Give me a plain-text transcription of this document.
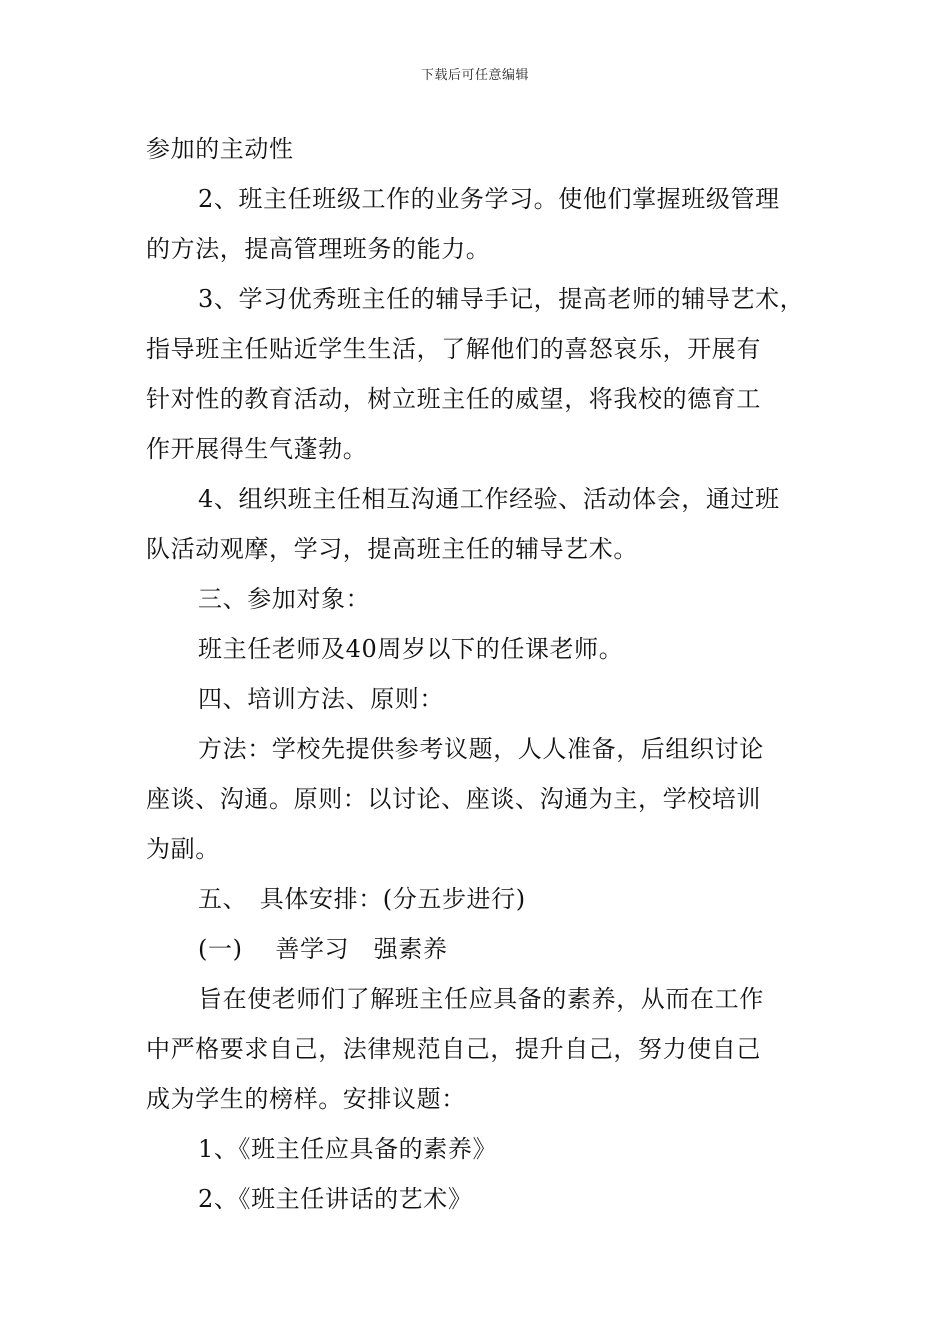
下载后可任意编辑

参加的主动性

2、班主任班级工作的业务学习。使他们掌握班级管理

的方法，提高管理班务的能力。

3、学习优秀班主任的辅导手记，提高老师的辅导艺术，

指导班主任贴近学生生活，了解他们的喜怒哀乐，开展有

针对性的教育活动，树立班主任的威望，将我校的德育工

作开展得生气蓬勃。

4、组织班主任相互沟通工作经验、活动体会，通过班

队活动观摩，学习，提高班主任的辅导艺术。

三、参加对象：

班主任老师及40周岁以下的任课老师。

四、培训方法、原则：

方法：学校先提供参考议题，人人准备，后组织讨论

座谈、沟通。原则：以讨论、座谈、沟通为主，学校培训

为副。

五、　具体安排：(分五步进行)

(一)　 善学习　强素养

旨在使老师们了解班主任应具备的素养，从而在工作

中严格要求自己，法律规范自己，提升自己，努力使自己

成为学生的榜样。安排议题：

1、《班主任应具备的素养》

2、《班主任讲话的艺术》
